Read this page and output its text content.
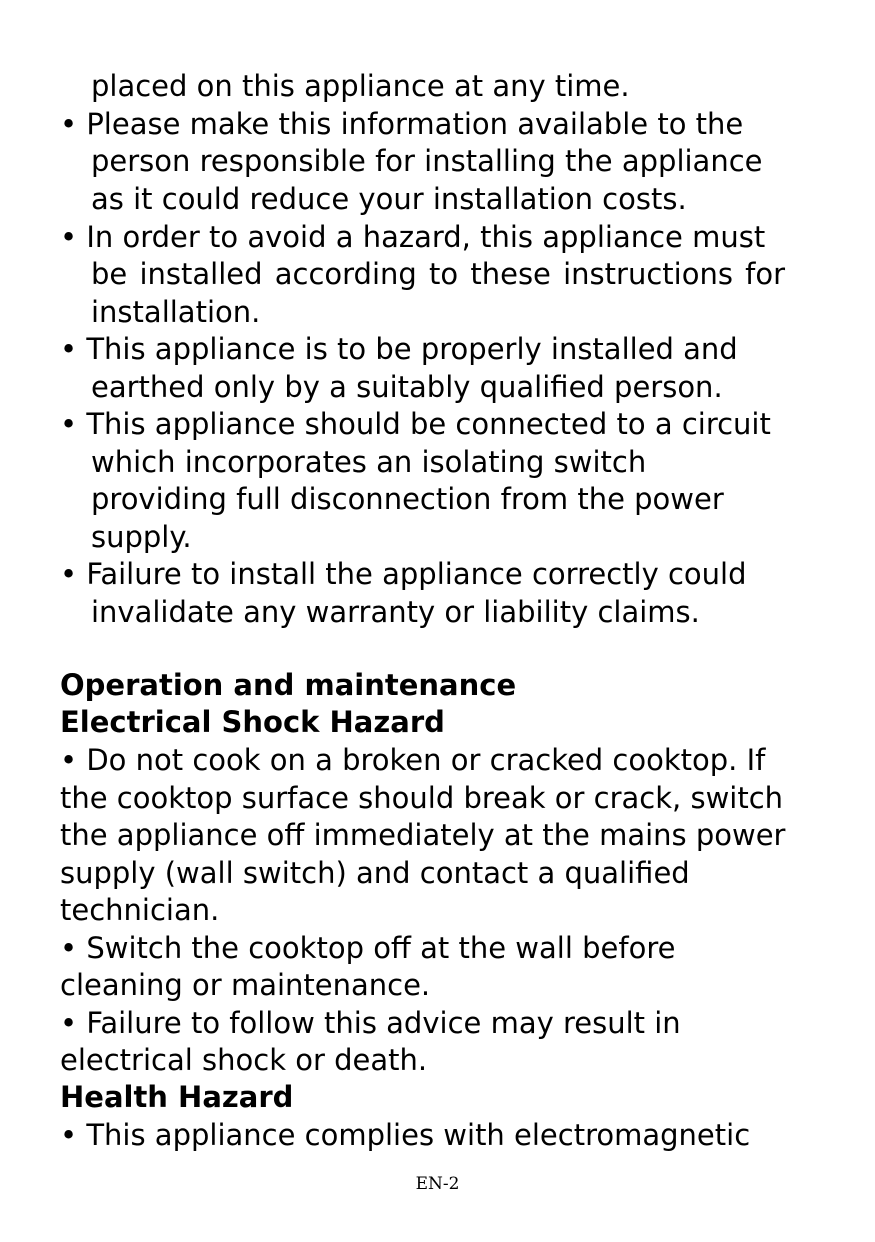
placed on this appliance at any time.
• Please make this information available to the
person responsible for installing the appliance
as it could reduce your installation costs.
• In order to avoid a hazard, this appliance must
be installed according to these instructions for
installation.
• This appliance is to be properly installed and
earthed only by a suitably qualified person.
• This appliance should be connected to a circuit
which incorporates an isolating switch
providing full disconnection from the power
supply.
• Failure to install the appliance correctly could
invalidate any warranty or liability claims.
Operation and maintenance
Electrical Shock Hazard
• Do not cook on a broken or cracked cooktop. If
the cooktop surface should break or crack, switch
the appliance off immediately at the mains power
supply (wall switch) and contact a qualified
technician.
• Switch the cooktop off at the wall before
cleaning or maintenance.
• Failure to follow this advice may result in
electrical shock or death.
Health Hazard
• This appliance complies with electromagnetic
EN-2
